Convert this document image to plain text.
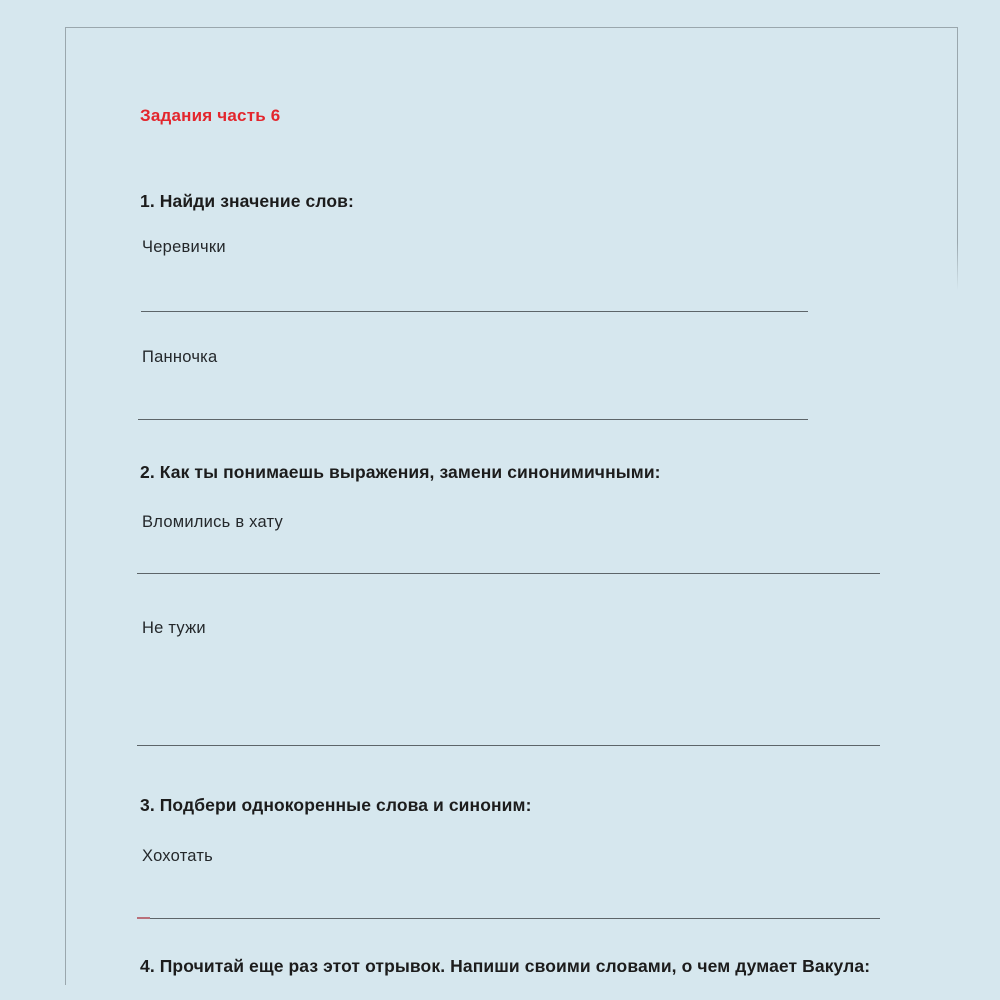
Задания часть 6
1. Найди значение слов:

Черевички

Панночка

2. Как ты понимаешь выражения, замени синонимичными:

Вломились в хату

Не тужи

3. Подбери однокоренные слова и синоним:

Хохотать

4. Прочитай еще раз этот отрывок. Напиши своими словами, о чем думает Вакула:
